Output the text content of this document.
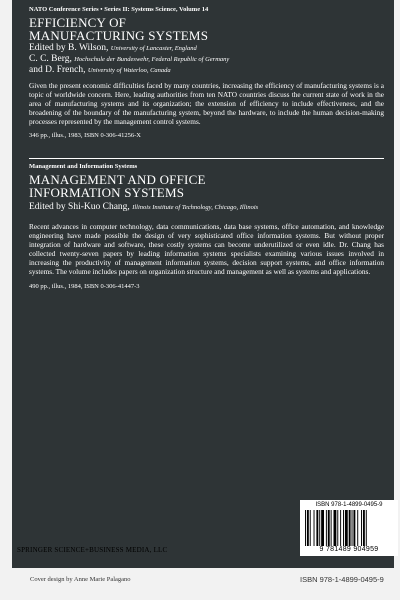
NATO Conference Series • Series II: Systems Science, Volume 14
EFFICIENCY OF
MANUFACTURING SYSTEMS
Edited by B. Wilson, University of Lancaster, England
C. C. Berg, Hochschule der Bundeswehr, Federal Republic of Germany
and D. French, University of Waterloo, Canada
Given the present economic difficulties faced by many countries, increasing the efficiency of manufacturing systems is a topic of worldwide concern. Here, leading authorities from ten NATO countries discuss the current state of work in the area of manufacturing systems and its organization; the extension of efficiency to include effectiveness, and the broadening of the boundary of the manufacturing system, beyond the hardware, to include the human decision-making processes represented by the management control systems.
346 pp., illus., 1983, ISBN 0-306-41256-X
Management and Information Systems
MANAGEMENT AND OFFICE
INFORMATION SYSTEMS
Edited by Shi-Kuo Chang, Illinois Institute of Technology, Chicago, Illinois
Recent advances in computer technology, data communications, data base systems, office automation, and knowledge engineering have made possible the design of very sophisticated office information systems. But without proper integration of hardware and software, these costly systems can become underutilized or even idle. Dr. Chang has collected twenty-seven papers by leading information systems specialists examining various issues involved in increasing the productivity of management information systems, decision support systems, and office information systems. The volume includes papers on organization structure and management as well as systems and applications.
490 pp., illus., 1984, ISBN 0-306-41447-3
ISBN 978-1-4899-0495-9
9 781489 904959
SPRINGER SCIENCE+BUSINESS MEDIA, LLC
Cover design by Anne Marie Palagano	ISBN 978-1-4899-0495-9
